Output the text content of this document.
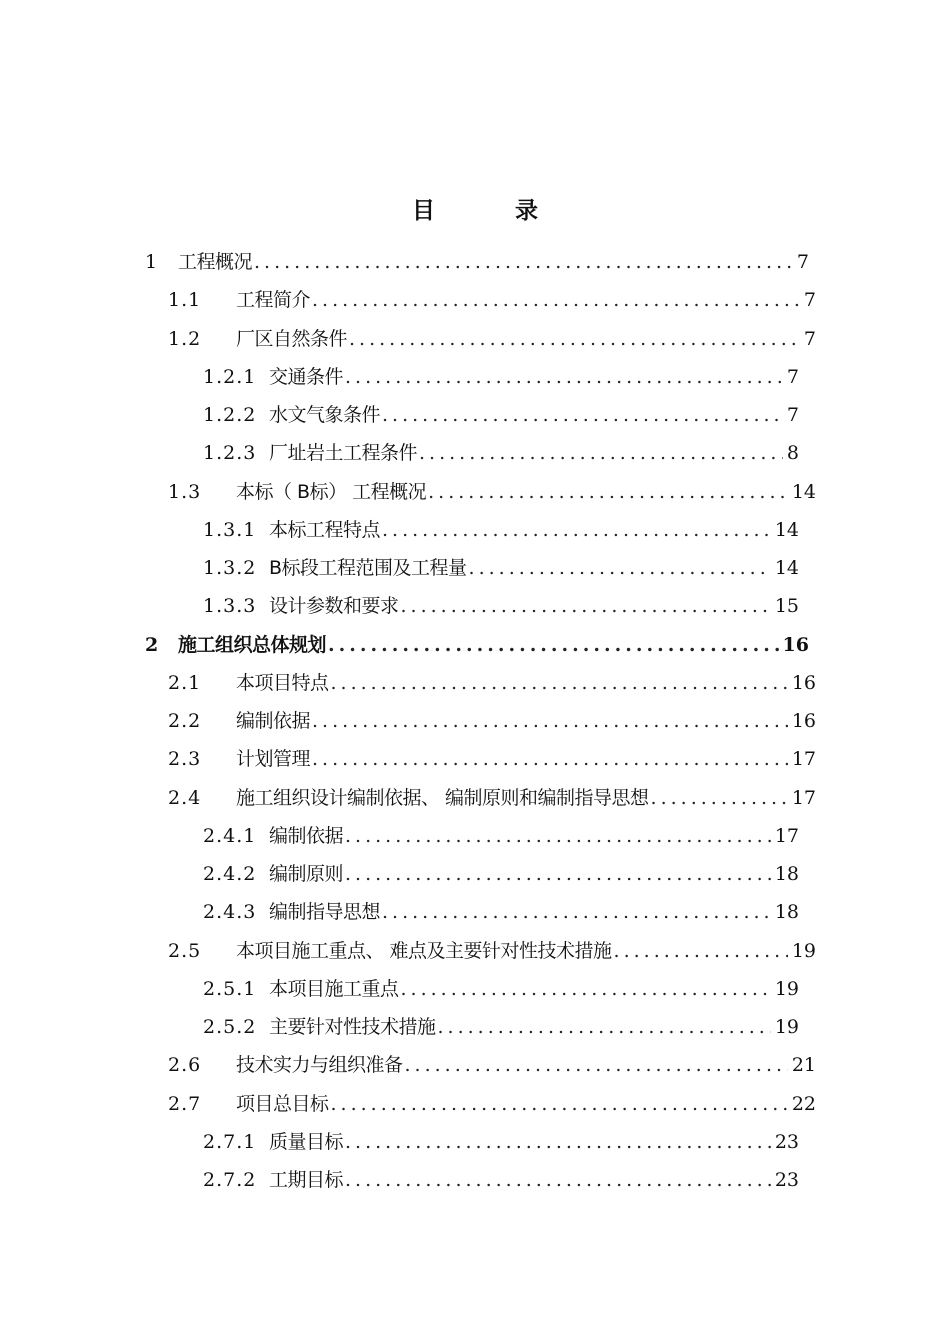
目 录
1	工程概况 .....	7
1.1	工程简介 .....	7
1.2	厂区自然条件 .....	7
1.2.1 交通条件 .....	7
1.2.2 水文气象条件 .....	7
1.2.3 厂址岩土工程条件 .....	8
1.3	本标（ B标） 工程概况 .....	14
1.3.1 本标工程特点 .....	14
1.3.2 B标段工程范围及工程量 .....	14
1.3.3 设计参数和要求 .....	15
2 施工组织总体规划 .....	16
2.1	本项目特点 .....	16
2.2	编制依据 .....	16
2.3	计划管理 .....	17
2.4	施工组织设计编制依据、 编制原则和编制指导思想 .....	17
2.4.1 编制依据 .....	17
2.4.2 编制原则 .....	18
2.4.3 编制指导思想 .....	18
2.5	本项目施工重点、 难点及主要针对性技术措施 .....	19
2.5.1 本项目施工重点 .....	19
2.5.2 主要针对性技术措施 .....	19
2.6	技术实力与组织准备 .....	21
2.7	项目总目标 .....	22
2.7.1 质量目标 .....	23
2.7.2 工期目标 .....	23
